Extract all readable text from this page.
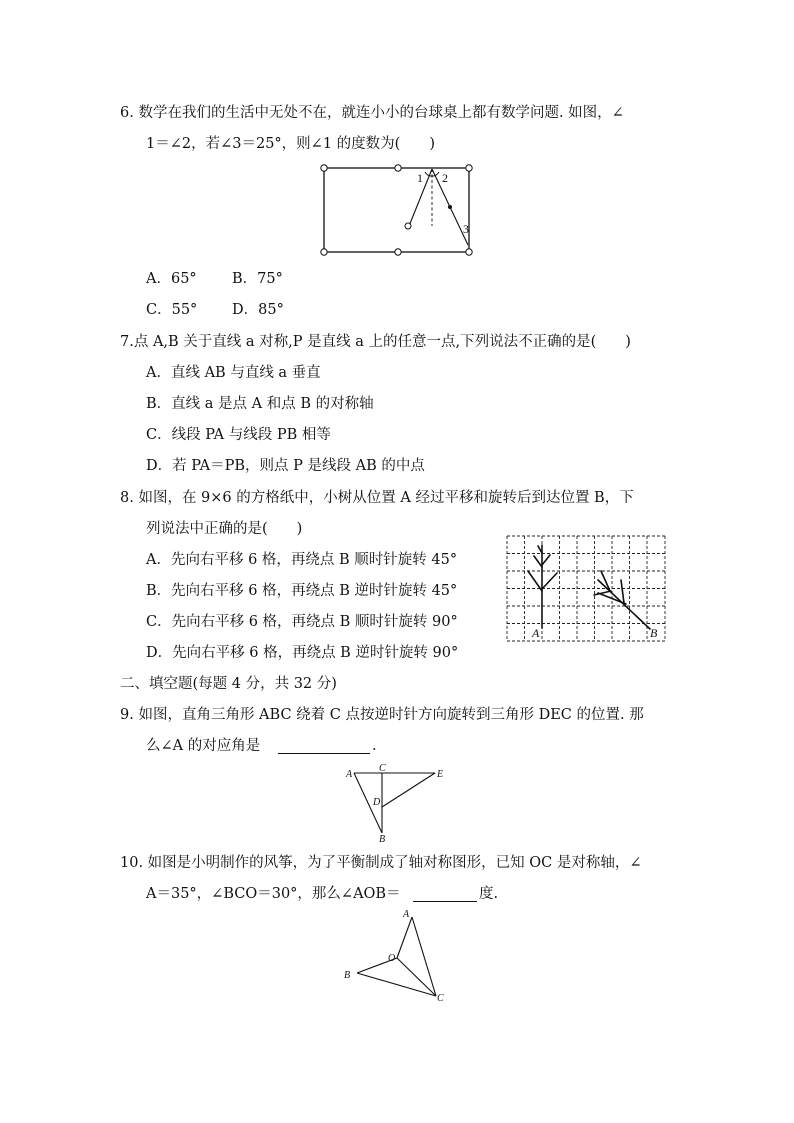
6. 数学在我们的生活中无处不在，就连小小的台球桌上都有数学问题. 如图，∠
1＝∠2，若∠3＝25°，则∠1 的度数为(　　)
1 2
3
A．65° B．75°
C．55° D．85°
7.点 A,B 关于直线 a 对称,P 是直线 a 上的任意一点,下列说法不正确的是(　　)
A．直线 AB 与直线 a 垂直
B．直线 a 是点 A 和点 B 的对称轴
C．线段 PA 与线段 PB 相等
D．若 PA＝PB，则点 P 是线段 AB 的中点
8. 如图，在 9×6 的方格纸中，小树从位置 A 经过平移和旋转后到达位置 B，下
列说法中正确的是(　　)
A．先向右平移 6 格，再绕点 B 顺时针旋转 45°
B．先向右平移 6 格，再绕点 B 逆时针旋转 45°
C．先向右平移 6 格，再绕点 B 顺时针旋转 90°
D．先向右平移 6 格，再绕点 B 逆时针旋转 90°
A	B
二、填空题(每题 4 分，共 32 分)
9. 如图，直角三角形 ABC 绕着 C 点按逆时针方向旋转到三角形 DEC 的位置. 那
么∠A 的对应角是	.
A
C
E
D
B
10. 如图是小明制作的风筝，为了平衡制成了轴对称图形，已知 OC 是对称轴，∠
A＝35°，∠BCO＝30°，那么∠AOB＝	度.
A
O
B
C
